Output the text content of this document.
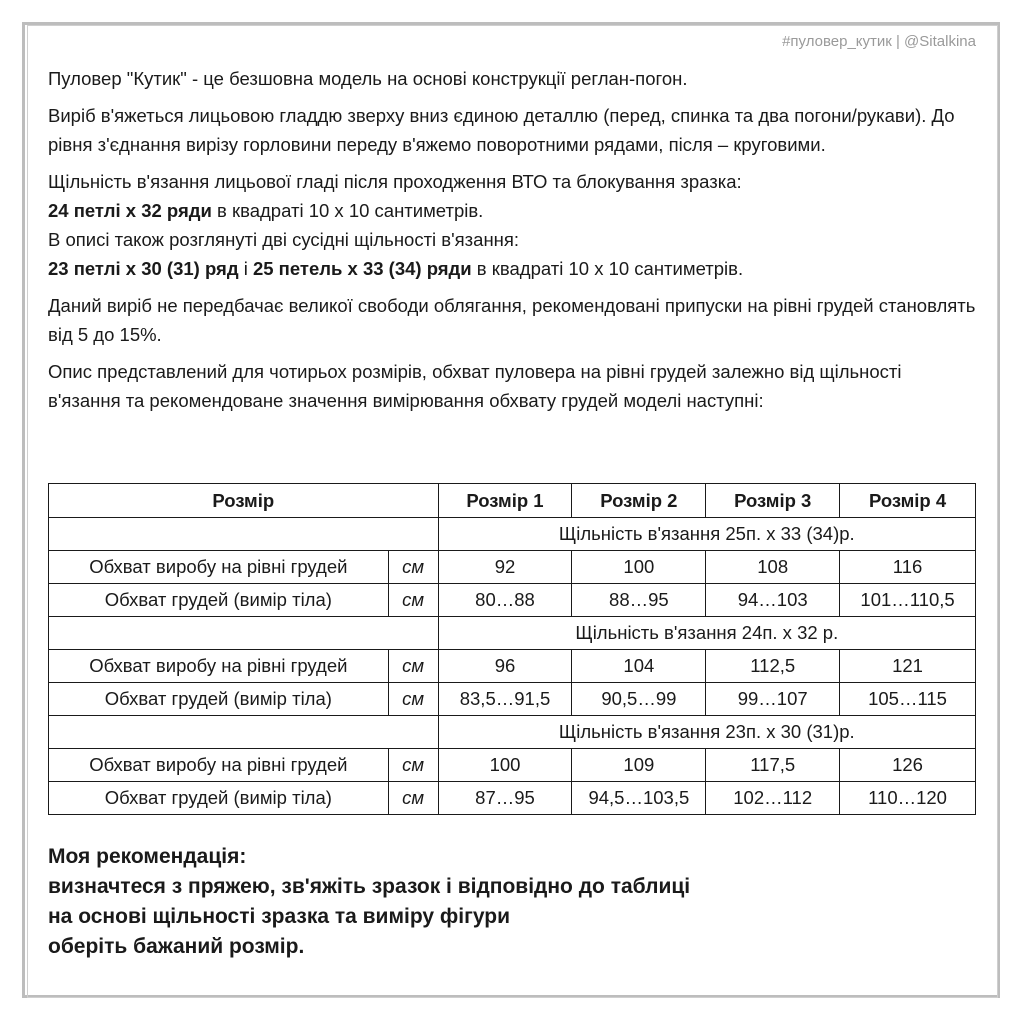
#пуловер_кутик | @Sitalkina

Пуловер "Кутик" - це безшовна модель на основі конструкції реглан-погон.

Виріб в'яжеться лицьовою гладдю зверху вниз єдиною деталлю (перед, спинка та два погони/рукави). До рівня з'єднання вирізу горловини переду в'яжемо поворотними рядами, після – круговими.

Щільність в'язання лицьової гладі після проходження ВТО та блокування зразка:

24 петлі х 32 ряди в квадраті 10 х 10 сантиметрів.

В описі також розглянуті дві сусідні щільності в'язання:

23 петлі х 30 (31) ряд і 25 петель х 33 (34) ряди в квадраті 10 х 10 сантиметрів.

Даний виріб не передбачає великої свободи облягання, рекомендовані припуски на рівні грудей становлять від 5 до 15%.

Опис представлений для чотирьох розмірів, обхват пуловера на рівні грудей залежно від щільності в'язання та рекомендоване значення вимірювання обхвату грудей моделі наступні:

Розмір		Розмір 1	Розмір 2	Розмір 3	Розмір 4
		Щільність в'язання 25п. х 33 (34)р.			
Обхват виробу на рівні грудей	см	92	100	108	116
Обхват грудей (вимір тіла)	см	80…88	88…95	94…103	101…110,5
		Щільність в'язання 24п. х 32 р.			
Обхват виробу на рівні грудей	см	96	104	112,5	121
Обхват грудей (вимір тіла)	см	83,5…91,5	90,5…99	99…107	105…115
		Щільність в'язання 23п. х 30 (31)р.			
Обхват виробу на рівні грудей	см	100	109	117,5	126
Обхват грудей (вимір тіла)	см	87…95	94,5…103,5	102…112	110…120
Моя рекомендація:
визначтеся з пряжею, зв'яжіть зразок і відповідно до таблиці
на основі щільності зразка та виміру фігури
оберіть бажаний розмір.
